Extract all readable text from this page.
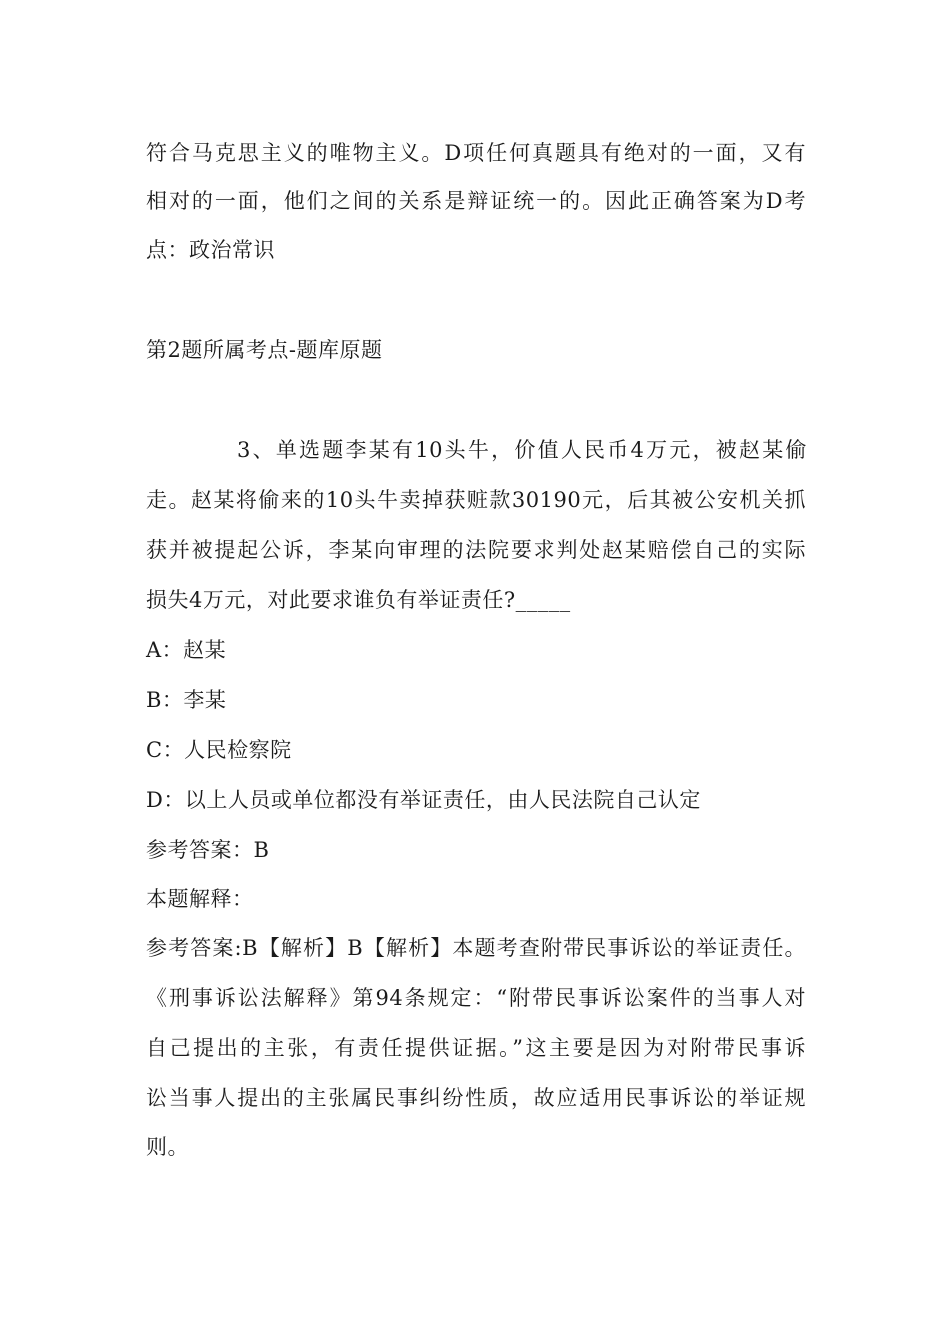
符合马克思主义的唯物主义。D项任何真题具有绝对的一面，又有
相对的一面，他们之间的关系是辩证统一的。因此正确答案为D考
点：政治常识
第2题所属考点-题库原题
3、单选题李某有10头牛，价值人民币4万元，被赵某偷
走。赵某将偷来的10头牛卖掉获赃款30190元，后其被公安机关抓
获并被提起公诉，李某向审理的法院要求判处赵某赔偿自己的实际
损失4万元，对此要求谁负有举证责任?_____
A：赵某
B：李某
C：人民检察院
D：以上人员或单位都没有举证责任，由人民法院自己认定
参考答案：B
本题解释：
参考答案:B【解析】B【解析】本题考查附带民事诉讼的举证责任。
《刑事诉讼法解释》第94条规定：“附带民事诉讼案件的当事人对
自己提出的主张，有责任提供证据。”这主要是因为对附带民事诉
讼当事人提出的主张属民事纠纷性质，故应适用民事诉讼的举证规
则。
